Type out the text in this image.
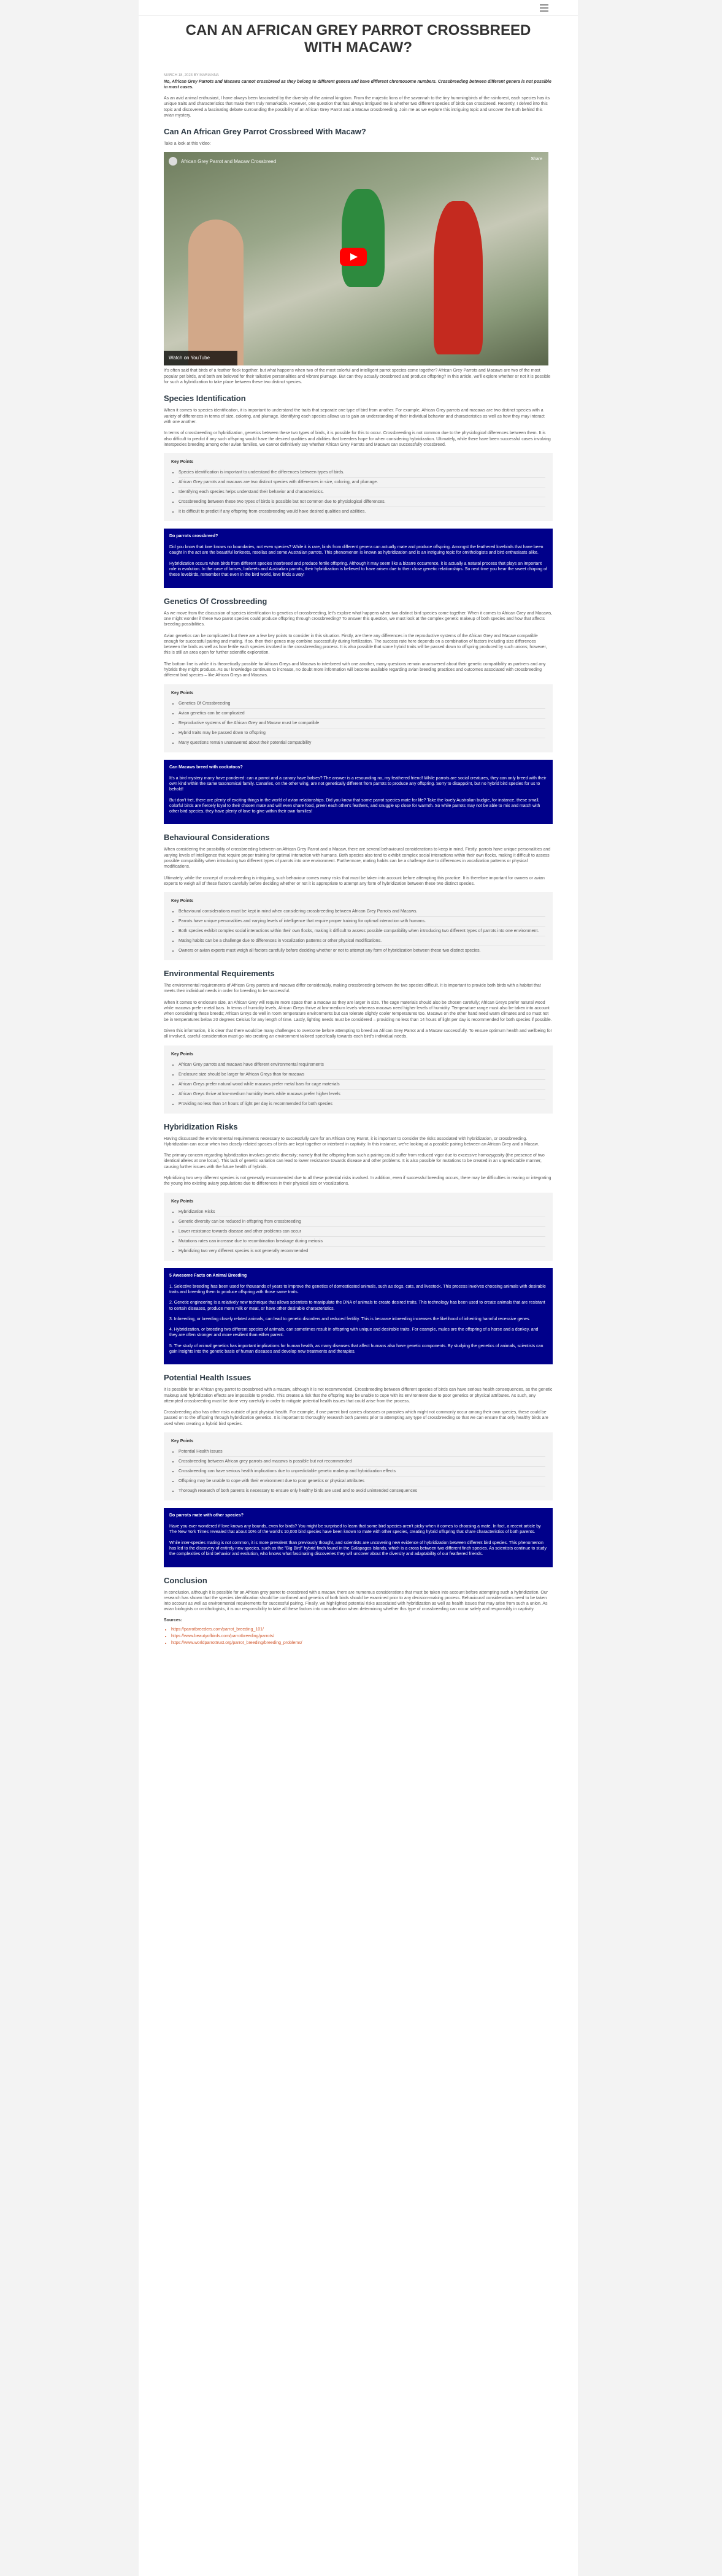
CAN AN AFRICAN GREY PARROT CROSSBREED WITH MACAW?
MARCH 18, 2023 BY MARIANNA

No, African Grey Parrots and Macaws cannot crossbreed as they belong to different genera and have different chromosome numbers. Crossbreeding between different genera is not possible in most cases.

As an avid animal enthusiast, I have always been fascinated by the diversity of the animal kingdom. From the majestic lions of the savannah to the tiny hummingbirds of the rainforest, each species has its unique traits and characteristics that make them truly remarkable. However, one question that has always intrigued me is whether two different species of birds can crossbreed. Recently, I delved into this topic and discovered a fascinating debate surrounding the possibility of an African Grey Parrot and a Macaw crossbreeding. Join me as we explore this intriguing topic and uncover the truth behind this avian mystery.

Can An African Grey Parrot Crossbreed With Macaw?

Take a look at this video:

African Grey Parrot and Macaw Crossbreed	Share
Watch on YouTube

It's often said that birds of a feather flock together, but what happens when two of the most colorful and intelligent parrot species come together? African Grey Parrots and Macaws are two of the most popular pet birds, and both are beloved for their talkative personalities and vibrant plumage. But can they actually crossbreed and produce offspring? In this article, we'll explore whether or not it is possible for such a hybridization to take place between these two distinct species.

Species Identification

When it comes to species identification, it is important to understand the traits that separate one type of bird from another. For example, African Grey parrots and macaws are two distinct species with a variety of differences in terms of size, coloring, and plumage. Identifying each species allows us to gain an understanding of their individual behavior and characteristics as well as how they may interact with one another.

In terms of crossbreeding or hybridization, genetics between these two types of birds, it is possible for this to occur. Crossbreeding is not common due to the physiological differences between them. It is also difficult to predict if any such offspring would have the desired qualities and abilities that breeders hope for when considering hybridization. Ultimately, while there have been successful cases involving interspecies breeding among other avian families, we cannot definitively say whether African Grey Parrots and Macaws can successfully crossbreed.

Key Points
• Species identification is important to understand the differences between types of birds.
• African Grey parrots and macaws are two distinct species with differences in size, coloring, and plumage.
• Identifying each species helps understand their behavior and characteristics.
• Crossbreeding between these two types of birds is possible but not common due to physiological differences.
• It is difficult to predict if any offspring from crossbreeding would have desired qualities and abilities.
Do parrots crossbreed?

Did you know that love knows no boundaries, not even species? While it is rare, birds from different genera can actually mate and produce offspring. Amongst the feathered lovebirds that have been caught in the act are the beautiful lorikeets, rosellas and some Australian parrots. This phenomenon is known as hybridization and is an intriguing topic for ornithologists and bird enthusiasts alike.

Hybridization occurs when birds from different species interbreed and produce fertile offspring. Although it may seem like a bizarre occurrence, it is actually a natural process that plays an important role in evolution. In the case of lorises, lorikeets and Australian parrots, their hybridization is believed to have arisen due to their close genetic relationships. So next time you hear the sweet chirping of these lovebirds, remember that even in the bird world, love finds a way!

Genetics Of Crossbreeding

As we move from the discussion of species identification to genetics of crossbreeding, let's explore what happens when two distinct bird species come together. When it comes to African Grey and Macaws, one might wonder if these two parrot species could produce offspring through crossbreeding? To answer this question, we must look at the complex genetic makeup of both species and how that affects breeding possibilities.

Avian genetics can be complicated but there are a few key points to consider in this situation. Firstly, are there any differences in the reproductive systems of the African Grey and Macaw compatible enough for successful pairing and mating. If so, then their genes may combine successfully during fertilization. The success rate here depends on a combination of factors including size differences between the birds as well as how fertile each species involved in the crossbreeding process. It is also possible that some hybrid traits will be passed down to offspring produced by such unions; however, this is still an area open for further scientific exploration.

The bottom line is while it is theoretically possible for African Greys and Macaws to interbreed with one another, many questions remain unanswered about their genetic compatibility as partners and any hybrids they might produce. As our knowledge continues to increase, no doubt more information will become available regarding avian breeding practices and outcomes associated with crossbreeding different bird species – like African Greys and Macaws.

Key Points
• Genetics Of Crossbreeding
• Avian genetics can be complicated
• Reproductive systems of the African Grey and Macaw must be compatible
• Hybrid traits may be passed down to offspring
• Many questions remain unanswered about their potential compatibility
Can Macaws breed with cockatoos?

It's a bird mystery many have pondered: can a parrot and a canary have babies? The answer is a resounding no, my feathered friend! While parrots are social creatures, they can only breed with their own kind within the same taxonomical family. Canaries, on the other wing, are not genetically different from parrots to produce any offspring. Sorry to disappoint, but no hybrid bird species for us to behold!

But don't fret, there are plenty of exciting things in the world of avian relationships. Did you know that some parrot species mate for life? Take the lovely Australian budgie, for instance, these small, colorful birds are fiercely loyal to their chosen mate and will even share food, preen each other's feathers, and snuggle up close for warmth. So while parrots may not be able to mix and match with other bird species, they have plenty of love to give within their own families!

Behavioural Considerations

When considering the possibility of crossbreeding between an African Grey Parrot and a Macaw, there are several behavioural considerations to keep in mind. Firstly, parrots have unique personalities and varying levels of intelligence that require proper training for optimal interaction with humans. Both species also tend to exhibit complex social interactions within their own flocks, making it difficult to assess possible compatibility when introducing two different types of parrots into one environment. Furthermore, mating habits can be a challenge due to differences in vocalization patterns or physical modifications.

Ultimately, while the concept of crossbreeding is intriguing, such behaviour comes many risks that must be taken into account before attempting this practice. It is therefore important for owners or avian experts to weigh all of these factors carefully before deciding whether or not it is appropriate to attempt any form of hybridization between these two distinct species.

Key Points
• Behavioural considerations must be kept in mind when considering crossbreeding between African Grey Parrots and Macaws.
• Parrots have unique personalities and varying levels of intelligence that require proper training for optimal interaction with humans.
• Both species exhibit complex social interactions within their own flocks, making it difficult to assess possible compatibility when introducing two different types of parrots into one environment.
• Mating habits can be a challenge due to differences in vocalization patterns or other physical modifications.
• Owners or avian experts must weigh all factors carefully before deciding whether or not to attempt any form of hybridization between these two distinct species.
Environmental Requirements

The environmental requirements of African Grey parrots and macaws differ considerably, making crossbreeding between the two species difficult. It is important to provide both birds with a habitat that meets their individual needs in order for breeding to be successful.

When it comes to enclosure size, an African Grey will require more space than a macaw as they are larger in size. The cage materials should also be chosen carefully; African Greys prefer natural wood while macaws prefer metal bars. In terms of humidity levels, African Greys thrive at low-medium levels whereas macaws need higher levels of humidity. Temperature range must also be taken into account when considering these breeds; African Greys do well in room temperature environments but can tolerate slightly cooler temperatures too. Macaws on the other hand need warm climates and so must not be in temperatures below 20 degrees Celsius for any length of time. Lastly, lighting needs must be considered – providing no less than 14 hours of light per day is recommended for both species if possible.

Given this information, it is clear that there would be many challenges to overcome before attempting to breed an African Grey Parrot and a Macaw successfully. To ensure optimum health and wellbeing for all involved, careful consideration must go into creating an environment tailored specifically towards each bird's individual needs.

Key Points
• African Grey parrots and macaws have different environmental requirements
• Enclosure size should be larger for African Greys than for macaws
• African Greys prefer natural wood while macaws prefer metal bars for cage materials
• African Greys thrive at low-medium humidity levels while macaws prefer higher levels
• Providing no less than 14 hours of light per day is recommended for both species
Hybridization Risks

Having discussed the environmental requirements necessary to successfully care for an African Grey Parrot, it is important to consider the risks associated with hybridization, or crossbreeding. Hybridization can occur when two closely related species of birds are kept together or interbred in captivity. In this instance, we're looking at a possible pairing between an African Grey and a Macaw.

The primary concern regarding hybridization involves genetic diversity; namely that the offspring from such a pairing could suffer from reduced vigor due to excessive homozygosity (the presence of two identical alleles at one locus). This lack of genetic variation can lead to lower resistance towards disease and other problems. It is also possible for mutations to be created in an unpredictable manner, causing further issues with the future health of hybrids.

Hybridizing two very different species is not generally recommended due to all these potential risks involved. In addition, even if successful breeding occurs, there may be difficulties in rearing or integrating the young into existing aviary populations due to differences in their physical size or vocalizations.

Key Points
• Hybridization Risks
• Genetic diversity can be reduced in offspring from crossbreeding
• Lower resistance towards disease and other problems can occur
• Mutations rates can increase due to recombination breakage during meiosis
• Hybridizing two very different species is not generally recommended
5 Awesome Facts on Animal Breeding

1. Selective breeding has been used for thousands of years to improve the genetics of domesticated animals, such as dogs, cats, and livestock. This process involves choosing animals with desirable traits and breeding them to produce offspring with those same traits.

2. Genetic engineering is a relatively new technique that allows scientists to manipulate the DNA of animals to create desired traits. This technology has been used to create animals that are resistant to certain diseases, produce more milk or meat, or have other desirable characteristics.

3. Inbreeding, or breeding closely related animals, can lead to genetic disorders and reduced fertility. This is because inbreeding increases the likelihood of inheriting harmful recessive genes.

4. Hybridization, or breeding two different species of animals, can sometimes result in offspring with unique and desirable traits. For example, mules are the offspring of a horse and a donkey, and they are often stronger and more resilient than either parent.

5. The study of animal genetics has important implications for human health, as many diseases that affect humans also have genetic components. By studying the genetics of animals, scientists can gain insights into the genetic basis of human diseases and develop new treatments and therapies.

Potential Health Issues

It is possible for an African grey parrot to crossbreed with a macaw, although it is not recommended. Crossbreeding between different species of birds can have serious health consequences, as the genetic makeup and hybridization effects are impossible to predict. This creates a risk that the offspring may be unable to cope with its environment due to poor genetics or physical attributes. As such, any attempted crossbreeding must be done very carefully in order to mitigate potential health issues that could arise from the process.

Crossbreeding also has other risks outside of just physical health. For example, if one parent bird carries diseases or parasites which might not commonly occur among their own species, these could be passed on to the offspring through hybridization genetics. It is important to thoroughly research both parents prior to attempting any type of crossbreeding so that we can ensure that only healthy birds are used when creating a hybrid bird species.

Key Points
• Potential Health Issues
• Crossbreeding between African grey parrots and macaws is possible but not recommended
• Crossbreeding can have serious health implications due to unpredictable genetic makeup and hybridization effects
• Offspring may be unable to cope with their environment due to poor genetics or physical attributes
• Thorough research of both parents is necessary to ensure only healthy birds are used and to avoid unintended consequences
Do parrots mate with other species?

Have you ever wondered if love knows any bounds, even for birds? You might be surprised to learn that some bird species aren't picky when it comes to choosing a mate. In fact, a recent article by The New York Times revealed that about 10% of the world's 10,000 bird species have been known to mate with other species, creating hybrid offspring that share characteristics of both parents.

While inter-species mating is not common, it is more prevalent than previously thought, and scientists are uncovering new evidence of hybridization between different bird species. This phenomenon has led to the discovery of entirely new species, such as the "Big Bird" hybrid finch found in the Galapagos Islands, which is a cross between two different finch species. As scientists continue to study the complexities of bird behavior and evolution, who knows what fascinating discoveries they will uncover about the diversity and adaptability of our feathered friends.

Conclusion

In conclusion, although it is possible for an African grey parrot to crossbreed with a macaw, there are numerous considerations that must be taken into account before attempting such a hybridization. Our research has shown that the species identification should be confirmed and genetics of both birds should be examined prior to any decision-making process. Behavioural considerations need to be taken into account as well as environmental requirements for successful pairing. Finally, we highlighted potential risks associated with hybridization as well as health issues that may arise from such a union. As avian biologists or ornithologists, it is our responsibility to take all these factors into consideration when determining whether this type of crossbreeding can occur safely and responsibly in captivity.

Sources:
• https://parrotbreeders.com/parrot_breeding_101/
• https://www.beautyofbirds.com/parrotbreeding/parrots/
• https://www.worldparrottrust.org/parrot_breeding/breeding_problems/
